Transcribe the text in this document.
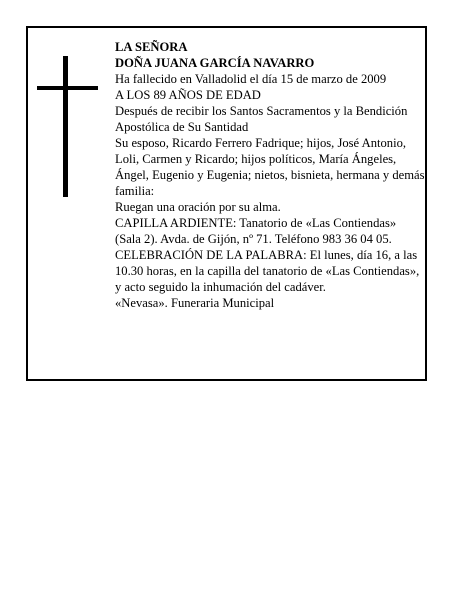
LA SEÑORA

DOÑA JUANA GARCÍA NAVARRO

Ha fallecido en Valladolid el día 15 de marzo de 2009

A LOS 89 AÑOS DE EDAD

Después de recibir los Santos Sacramentos y la Bendición Apostólica de Su Santidad

Su esposo, Ricardo Ferrero Fadrique; hijos, José Antonio, Loli, Carmen y Ricardo; hijos políticos, María Ángeles, Ángel, Eugenio y Eugenia; nietos, bisnieta, hermana y demás familia:

Ruegan una oración por su alma.

CAPILLA ARDIENTE: Tanatorio de «Las Contiendas» (Sala 2). Avda. de Gijón, nº 71. Teléfono 983 36 04 05.

CELEBRACIÓN DE LA PALABRA: El lunes, día 16, a las 10.30 horas, en la capilla del tanatorio de «Las Contiendas», y acto seguido la inhumación del cadáver.

«Nevasa». Funeraria Municipal
